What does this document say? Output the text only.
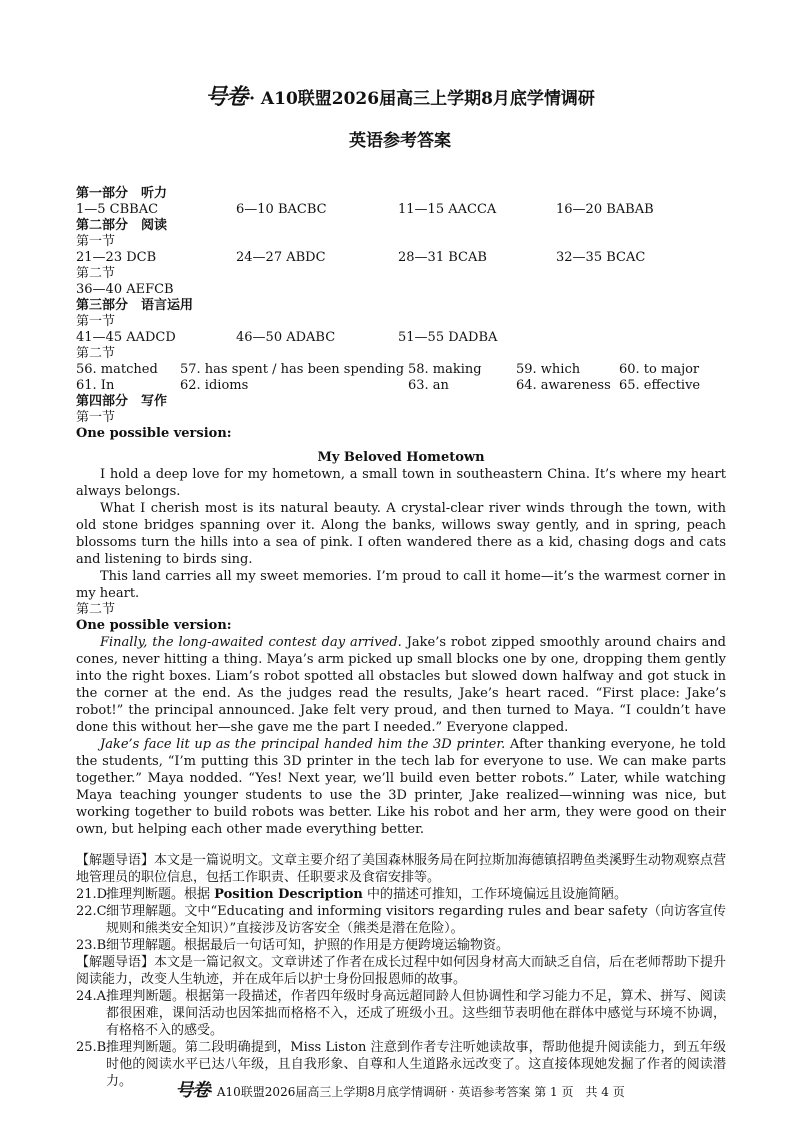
号卷 · A10联盟2026届高三上学期8月底学情调研
英语参考答案
第一部分　听力
1—5 CBBAC	6—10 BACBC	11—15 AACCA	16—20 BABAB
第二部分　阅读
第一节
21—23 DCB	24—27 ABDC	28—31 BCAB	32—35 BCAC
第二节
36—40 AEFCB
第三部分　语言运用
第一节
41—45 AADCD	46—50 ADABC	51—55 DADBA
第二节
56. matched 57. has spent / has been spending 58. making	59. which	60. to major
61. In	62. idioms	63. an	64. awareness 65. effective
第四部分　写作
第一节
One possible version:
My Beloved Hometown

I hold a deep love for my hometown, a small town in southeastern China. It’s where my heart always belongs.

What I cherish most is its natural beauty. A crystal-clear river winds through the town, with old stone bridges spanning over it. Along the banks, willows sway gently, and in spring, peach blossoms turn the hills into a sea of pink. I often wandered there as a kid, chasing dogs and cats and listening to birds sing.

This land carries all my sweet memories. I’m proud to call it home—it’s the warmest corner in my heart.

第二节
One possible version:

Finally, the long-awaited contest day arrived. Jake’s robot zipped smoothly around chairs and cones, never hitting a thing. Maya’s arm picked up small blocks one by one, dropping them gently into the right boxes. Liam’s robot spotted all obstacles but slowed down halfway and got stuck in the corner at the end. As the judges read the results, Jake’s heart raced. “First place: Jake’s robot!” the principal announced. Jake felt very proud, and then turned to Maya. “I couldn’t have done this without her—she gave me the part I needed.” Everyone clapped.

Jake’s face lit up as the principal handed him the 3D printer. After thanking everyone, he told the students, “I’m putting this 3D printer in the tech lab for everyone to use. We can make parts together.” Maya nodded. “Yes! Next year, we’ll build even better robots.” Later, while watching Maya teaching younger students to use the 3D printer, Jake realized—winning was nice, but working together to build robots was better. Like his robot and her arm, they were good on their own, but helping each other made everything better.

【解题导语】本文是一篇说明文。文章主要介绍了美国森林服务局在阿拉斯加海德镇招聘鱼类溪野生动物观察点营地管理员的职位信息，包括工作职责、任职要求及食宿安排等。

21.D
推理判断题。根据 Position Description 中的描述可推知，工作环境偏远且设施简陋。
22.C 细节理解题。文中“Educating and informing visitors regarding rules and bear safety（向访客宣传规则和熊类安全知识）”直接涉及访客安全（熊类是潜在危险）。
23.B 细节理解题。根据最后一句话可知，护照的作用是方便跨境运输物资。

【解题导语】本文是一篇记叙文。文章讲述了作者在成长过程中如何因身材高大而缺乏自信，后在老师帮助下提升阅读能力，改变人生轨迹，并在成年后以护士身份回报恩师的故事。

24.A 推理判断题。根据第一段描述，作者四年级时身高远超同龄人但协调性和学习能力不足，算术、拼写、阅读都很困难，课间活动也因笨拙而格格不入，还成了班级小丑。这些细节表明他在群体中感觉与环境不协调，有格格不入的感受。
25.B 推理判断题。第二段明确提到，Miss Liston 注意到作者专注听她读故事，帮助他提升阅读能力，到五年级时他的阅读水平已达八年级，且自我形象、自尊和人生道路永远改变了。这直接体现她发掘了作者的阅读潜力。	号卷· A10联盟2026届高三上学期8月底学情调研 · 英语参考答案 第 1 页　共 4 页
